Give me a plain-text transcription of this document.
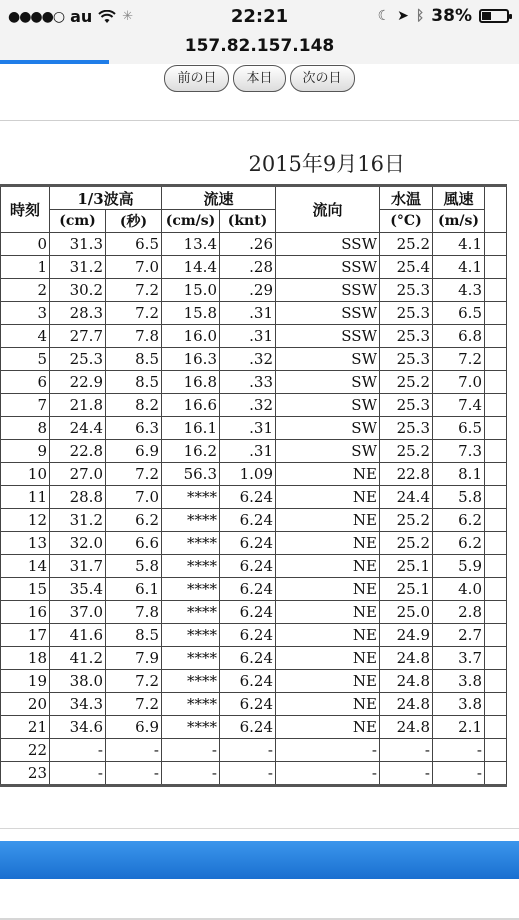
●●●●○ au ✳	22:21	☾ ➤ ᛒ 38%
157.82.157.148
前の日	本日	次の日
2015年9月16日
時刻	1/3波高		流速		流向	水温	風速	
	(cm)	(秒)	(cm/s)	(knt)		(°C)	(m/s)	
0	31.3	6.5	13.4	.26	SSW	25.2	4.1	
1	31.2	7.0	14.4	.28	SSW	25.4	4.1	
2	30.2	7.2	15.0	.29	SSW	25.3	4.3	
3	28.3	7.2	15.8	.31	SSW	25.3	6.5	
4	27.7	7.8	16.0	.31	SSW	25.3	6.8	
5	25.3	8.5	16.3	.32	SW	25.3	7.2	
6	22.9	8.5	16.8	.33	SW	25.2	7.0	
7	21.8	8.2	16.6	.32	SW	25.3	7.4	
8	24.4	6.3	16.1	.31	SW	25.3	6.5	
9	22.8	6.9	16.2	.31	SW	25.2	7.3	
10	27.0	7.2	56.3	1.09	NE	22.8	8.1	
11	28.8	7.0	****	6.24	NE	24.4	5.8	
12	31.2	6.2	****	6.24	NE	25.2	6.2	
13	32.0	6.6	****	6.24	NE	25.2	6.2	
14	31.7	5.8	****	6.24	NE	25.1	5.9	
15	35.4	6.1	****	6.24	NE	25.1	4.0	
16	37.0	7.8	****	6.24	NE	25.0	2.8	
17	41.6	8.5	****	6.24	NE	24.9	2.7	
18	41.2	7.9	****	6.24	NE	24.8	3.7	
19	38.0	7.2	****	6.24	NE	24.8	3.8	
20	34.3	7.2	****	6.24	NE	24.8	3.8	
21	34.6	6.9	****	6.24	NE	24.8	2.1	
22	-	-	-	-	-	-	-	
23	-	-	-	-	-	-	-	
